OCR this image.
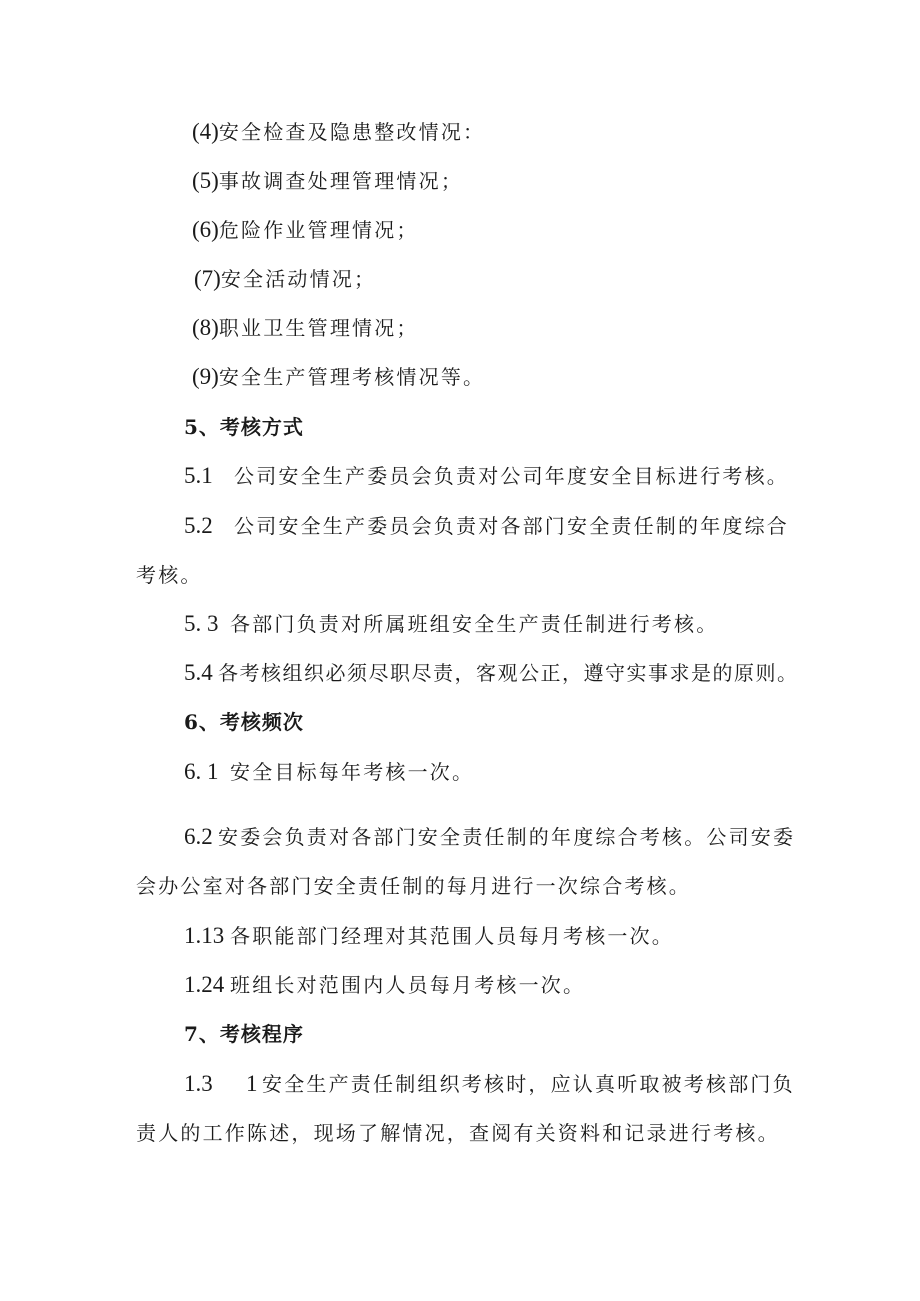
(4)安全检查及隐患整改情况：
(5)事故调查处理管理情况；
(6)危险作业管理情况；
(7)安全活动情况；
(8)职业卫生管理情况；
(9)安全生产管理考核情况等。
5、考核方式
5.1 公司安全生产委员会负责对公司年度安全目标进行考核。
5.2 公司安全生产委员会负责对各部门安全责任制的年度综合
考核。
5. 3 各部门负责对所属班组安全生产责任制进行考核。
5.4 各考核组织必须尽职尽责，客观公正，遵守实事求是的原则。
6、考核频次
6. 1 安全目标每年考核一次。
6.2 安委会负责对各部门安全责任制的年度综合考核。公司安委
会办公室对各部门安全责任制的每月进行一次综合考核。
1.13 各职能部门经理对其范围人员每月考核一次。
1.24 班组长对范围内人员每月考核一次。
7、考核程序
1.3 1 安全生产责任制组织考核时，应认真听取被考核部门负
责人的工作陈述，现场了解情况，查阅有关资料和记录进行考核。
